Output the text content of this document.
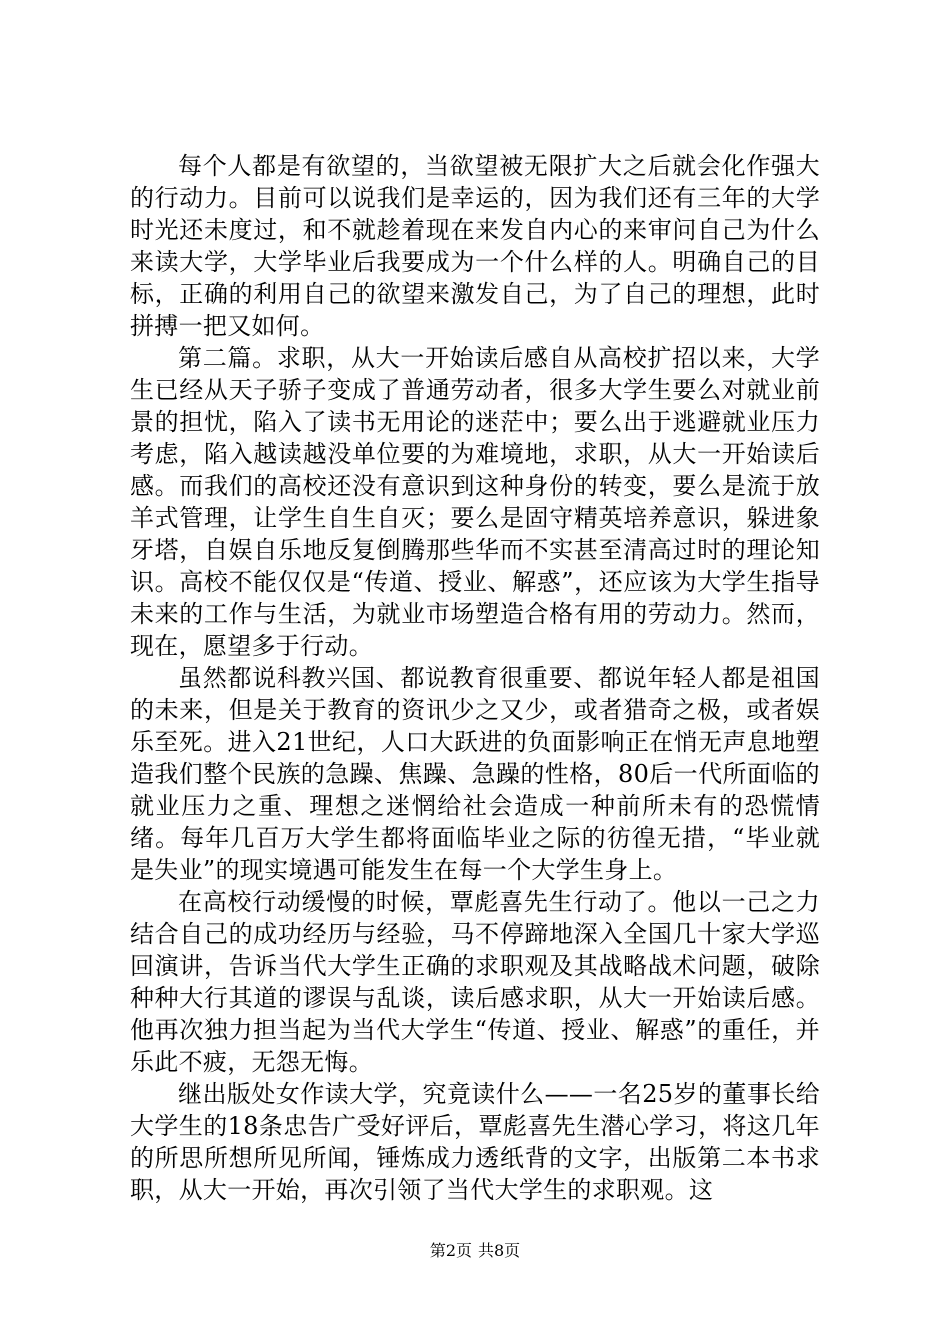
每个人都是有欲望的，当欲望被无限扩大之后就会化作强大的行动力。目前可以说我们是幸运的，因为我们还有三年的大学时光还未度过，和不就趁着现在来发自内心的来审问自己为什么来读大学，大学毕业后我要成为一个什么样的人。明确自己的目标，正确的利用自己的欲望来激发自己，为了自己的理想，此时拼搏一把又如何。

第二篇。求职，从大一开始读后感自从高校扩招以来，大学生已经从天子骄子变成了普通劳动者，很多大学生要么对就业前景的担忧，陷入了读书无用论的迷茫中；要么出于逃避就业压力考虑，陷入越读越没单位要的为难境地，求职，从大一开始读后感。而我们的高校还没有意识到这种身份的转变，要么是流于放羊式管理，让学生自生自灭；要么是固守精英培养意识，躲进象牙塔，自娱自乐地反复倒腾那些华而不实甚至清高过时的理论知识。高校不能仅仅是“传道、授业、解惑”，还应该为大学生指导未来的工作与生活，为就业市场塑造合格有用的劳动力。然而，现在，愿望多于行动。

虽然都说科教兴国、都说教育很重要、都说年轻人都是祖国的未来，但是关于教育的资讯少之又少，或者猎奇之极，或者娱乐至死。进入21世纪，人口大跃进的负面影响正在悄无声息地塑造我们整个民族的急躁、焦躁、急躁的性格，80后一代所面临的就业压力之重、理想之迷惘给社会造成一种前所未有的恐慌情绪。每年几百万大学生都将面临毕业之际的彷徨无措，“毕业就是失业”的现实境遇可能发生在每一个大学生身上。

在高校行动缓慢的时候，覃彪喜先生行动了。他以一己之力结合自己的成功经历与经验，马不停蹄地深入全国几十家大学巡回演讲，告诉当代大学生正确的求职观及其战略战术问题，破除种种大行其道的谬误与乱谈，读后感求职，从大一开始读后感。他再次独力担当起为当代大学生“传道、授业、解惑”的重任，并乐此不疲，无怨无悔。

继出版处女作读大学，究竟读什么——一名25岁的董事长给大学生的18条忠告广受好评后，覃彪喜先生潜心学习，将这几年的所思所想所见所闻，锤炼成力透纸背的文字，出版第二本书求职，从大一开始，再次引领了当代大学生的求职观。这

第2页 共8页
